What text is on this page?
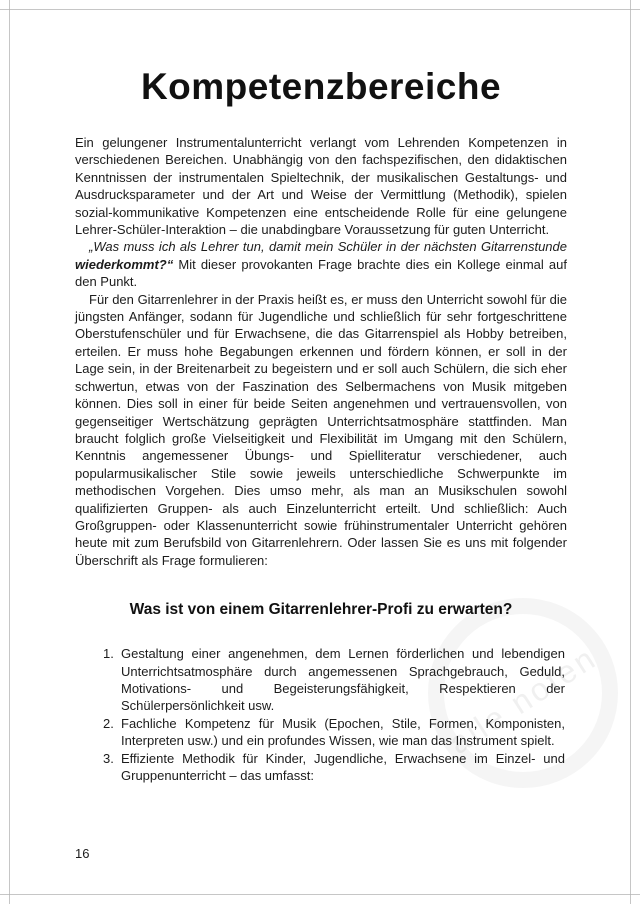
alle noten
Kompetenzbereiche

Ein gelungener Instrumentalunterricht verlangt vom Lehrenden Kompetenzen in verschiedenen Bereichen. Unabhängig von den fachspezifischen, den didaktischen Kenntnissen der instrumentalen Spieltechnik, der musikalischen Gestaltungs- und Ausdrucksparameter und der Art und Weise der Vermittlung (Methodik), spielen sozial-kommunikative Kompetenzen eine entscheidende Rolle für eine gelungene Lehrer-Schüler-Interaktion – die unabdingbare Voraussetzung für guten Unterricht.

„Was muss ich als Lehrer tun, damit mein Schüler in der nächsten Gitarrenstunde wiederkommt?“ Mit dieser provokanten Frage brachte dies ein Kollege einmal auf den Punkt.

Für den Gitarrenlehrer in der Praxis heißt es, er muss den Unterricht sowohl für die jüngsten Anfänger, sodann für Jugendliche und schließlich für sehr fortgeschrittene Oberstufenschüler und für Erwachsene, die das Gitarrenspiel als Hobby betreiben, erteilen. Er muss hohe Begabungen erkennen und fördern können, er soll in der Lage sein, in der Breitenarbeit zu begeistern und er soll auch Schülern, die sich eher schwertun, etwas von der Faszination des Selbermachens von Musik mitgeben können. Dies soll in einer für beide Seiten angenehmen und vertrauensvollen, von gegenseitiger Wertschätzung geprägten Unterrichtsatmosphäre stattfinden. Man braucht folglich große Vielseitigkeit und Flexibilität im Umgang mit den Schülern, Kenntnis angemessener Übungs- und Spielliteratur verschiedener, auch popularmusikalischer Stile sowie jeweils unterschiedliche Schwerpunkte im methodischen Vorgehen. Dies umso mehr, als man an Musikschulen sowohl qualifizierten Gruppen- als auch Einzelunterricht erteilt. Und schließlich: Auch Großgruppen- oder Klassenunterricht sowie frühinstrumentaler Unterricht gehören heute mit zum Berufsbild von Gitarrenlehrern. Oder lassen Sie es uns mit folgender Überschrift als Frage formulieren:

Was ist von einem Gitarrenlehrer-Profi zu erwarten?
1. Gestaltung einer angenehmen, dem Lernen förderlichen und lebendigen Unterrichtsatmosphäre durch angemessenen Sprachgebrauch, Geduld, Motivations- und Begeisterungsfähigkeit, Respektieren der Schülerpersönlichkeit usw.
2. Fachliche Kompetenz für Musik (Epochen, Stile, Formen, Komponisten, Interpreten usw.) und ein profundes Wissen, wie man das Instrument spielt.
3. Effiziente Methodik für Kinder, Jugendliche, Erwachsene im Einzel- und Gruppenunterricht – das umfasst:
16
